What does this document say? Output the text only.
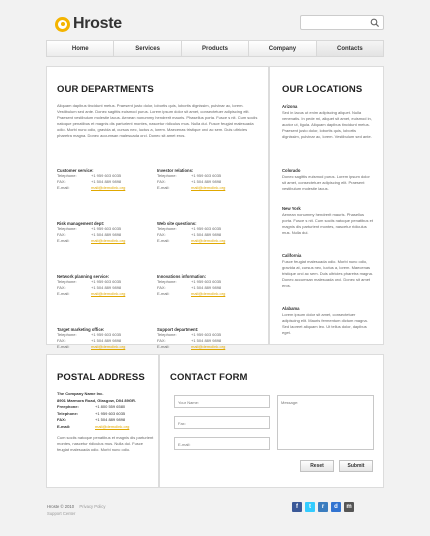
Hroste
Home	Services	Products	Company	Contacts
OUR DEPARTMENTS
Aliquam dapibus tincidunt metus. Praesent justo dolor, lobortis quis, lobortis dignissim, pulvinar ac, lorem. Vestibulum sed ante. Donec sagittis euismod purus. Lorem ipsum dolor sit amet, consectetuer adipiscing elit. Praesent vestibulum molestie lacus. Aenean nonummy hendrerit mauris. Phasellus porta. Fusce s nit. Cum sociis natoque penatibus et magnis dis parturient montes, nascetur ridiculus mus. Nulla dui. Fusce feugiat malesuada odio. Morbi nunc odio, gravida at, cursus nec, luctus a, lorem. Maecenas tristique orci ac sem. Duis ultricies pharetra magna. Donec accumsan malesuada orci. Donec sit amet eros.
Customer service:
Telephone:	+1 959 603 6035
FAX:	+1 504 889 9898
E-mail:	mail@demolink.org
Investor relations:
Telephone:	+1 959 603 6035
FAX:	+1 504 889 9898
E-mail:	mail@demolink.org
Risk management dept:
Telephone:	+1 959 603 6035
FAX:	+1 504 889 9898
E-mail:	mail@demolink.org
Web site questions:
Telephone:	+1 959 603 6035
FAX:	+1 504 889 9898
E-mail:	mail@demolink.org
Network planning service:
Telephone:	+1 959 603 6035
FAX:	+1 504 889 9898
E-mail:	mail@demolink.org
Innovations information:
Telephone:	+1 959 603 6035
FAX:	+1 504 889 9898
E-mail:	mail@demolink.org
Target marketing office:
Telephone:	+1 959 603 6035
FAX:	+1 504 889 9898
E-mail:	mail@demolink.org
Support department:
Telephone:	+1 959 603 6035
FAX:	+1 504 889 9898
E-mail:	mail@demolink.org
OUR LOCATIONS
Arizona
Sed in lacus ut enim adipiscing aliquet. Nulla venenatis. In pede mi, aliquet sit amet, euismod in, auctor ut, ligula. Aliquam dapibus tincidunt metus. Praesent justo dolor, lobortis quis, lobortis dignissim, pulvinar ac, lorem. Vestibulum sed ante.
Colorado
Donec sagittis euismod purus. Lorem ipsum dolor sit amet, consectetuer adipiscing elit. Praesent vestibulum molestie lacus.
New York
Aenean nonummy hendrerit mauris. Phasellus porta. Fusce s nit. Cum sociis natoque penatibus et magnis dis parturient montes, nascetur ridiculus mus. Nulla dui.
California
Fusce feugiat malesuada odio. Morbi nunc odio, gravida at, cursus nec, luctus a, lorem. Maecenas tristique orci ac sem. Duis ultricies pharetra magna. Donec accumsan malesuada orci. Donec sit amet eros.
Alabama
Lorem ipsum dolor sit amet, consectetuer adipiscing elit. Mauris fermentum dictum magna. Sed laoreet aliquam leo. Ut tellus dolor, dapibus eget.
POSTAL ADDRESS
The Company Name Inc.
8901 Marmora Road, Glasgow, D04 89GR.
Freephone:	+1 800 559 6580
Telephone:	+1 959 603 6035
FAX:	+1 504 889 9898
E-mail:	mail@demolink.org
Cum sociis natoque penatibus et magnis dis parturient montes, nascetur ridiculus mus. Nulla dui. Fusce feugiat malesuada odio. Morbi nunc odio.
CONTACT FORM
Your Name:
Fax:
E-mail:
Message:
Reset	Submit
Hroste © 2010 Privacy Policy
Support Center
f	t	r	d	m
